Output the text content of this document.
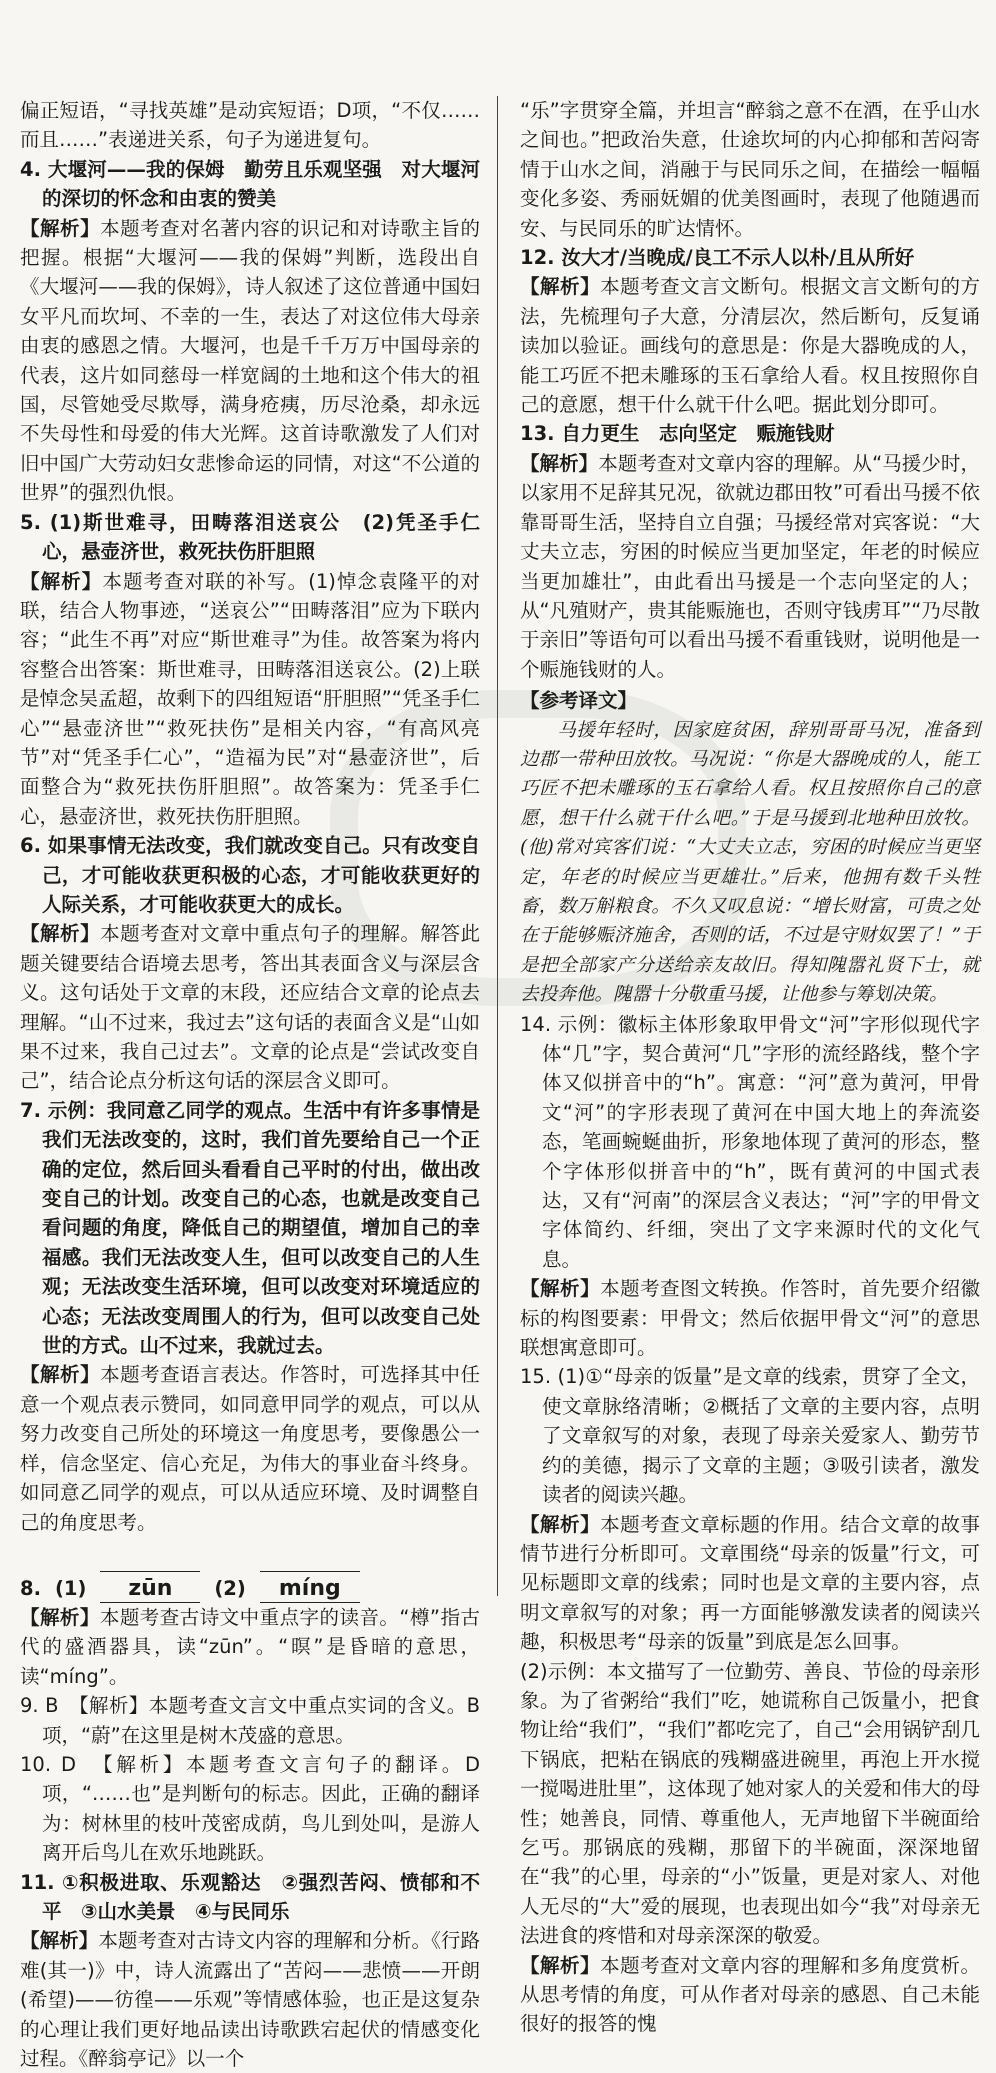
偏正短语，“寻找英雄”是动宾短语；D项，“不仅……而且……”表递进关系，句子为递进复句。

4. 大堰河——我的保姆　勤劳且乐观坚强　对大堰河的深切的怀念和由衷的赞美

【解析】本题考查对名著内容的识记和对诗歌主旨的把握。根据“大堰河——我的保姆”判断，选段出自《大堰河——我的保姆》，诗人叙述了这位普通中国妇女平凡而坎坷、不幸的一生，表达了对这位伟大母亲由衷的感恩之情。大堰河，也是千千万万中国母亲的代表，这片如同慈母一样宽阔的土地和这个伟大的祖国，尽管她受尽欺辱，满身疮痍，历尽沧桑，却永远不失母性和母爱的伟大光辉。这首诗歌激发了人们对旧中国广大劳动妇女悲惨命运的同情，对这“不公道的世界”的强烈仇恨。

5. (1)斯世难寻，田畴落泪送哀公　(2)凭圣手仁心，悬壶济世，救死扶伤肝胆照

【解析】本题考查对联的补写。(1)悼念袁隆平的对联，结合人物事迹，“送哀公”“田畴落泪”应为下联内容；“此生不再”对应“斯世难寻”为佳。故答案为将内容整合出答案：斯世难寻，田畴落泪送哀公。(2)上联是悼念吴孟超，故剩下的四组短语“肝胆照”“凭圣手仁心”“悬壶济世”“救死扶伤”是相关内容，“有高风亮节”对“凭圣手仁心”，“造福为民”对“悬壶济世”，后面整合为“救死扶伤肝胆照”。故答案为：凭圣手仁心，悬壶济世，救死扶伤肝胆照。

6. 如果事情无法改变，我们就改变自己。只有改变自己，才可能收获更积极的心态，才可能收获更好的人际关系，才可能收获更大的成长。

【解析】本题考查对文章中重点句子的理解。解答此题关键要结合语境去思考，答出其表面含义与深层含义。这句话处于文章的末段，还应结合文章的论点去理解。“山不过来，我过去”这句话的表面含义是“山如果不过来，我自己过去”。文章的论点是“尝试改变自己”，结合论点分析这句话的深层含义即可。

7. 示例：我同意乙同学的观点。生活中有许多事情是我们无法改变的，这时，我们首先要给自己一个正确的定位，然后回头看看自己平时的付出，做出改变自己的计划。改变自己的心态，也就是改变自己看问题的角度，降低自己的期望值，增加自己的幸福感。我们无法改变人生，但可以改变自己的人生观；无法改变生活环境，但可以改变对环境适应的心态；无法改变周围人的行为，但可以改变自己处世的方式。山不过来，我就过去。

【解析】本题考查语言表达。作答时，可选择其中任意一个观点表示赞同，如同意甲同学的观点，可以从努力改变自己所处的环境这一角度思考，要像愚公一样，信念坚定、信心充足，为伟大的事业奋斗终身。如同意乙同学的观点，可以从适应环境、及时调整自己的角度思考。

8. (1)	zūn	(2)	míng

【解析】本题考查古诗文中重点字的读音。“樽”指古代的盛酒器具，读“zūn”。“暝”是昏暗的意思，读“míng”。

9. B　【解析】本题考查文言文中重点实词的含义。B项，“蔚”在这里是树木茂盛的意思。

10. D　【解析】本题考查文言句子的翻译。D项，“……也”是判断句的标志。因此，正确的翻译为：树林里的枝叶茂密成荫，鸟儿到处叫，是游人离开后鸟儿在欢乐地跳跃。

11. ①积极进取、乐观豁达　②强烈苦闷、愤郁和不平　③山水美景　④与民同乐

【解析】本题考查对古诗文内容的理解和分析。《行路难(其一)》中，诗人流露出了“苦闷——悲愤——开朗(希望)——彷徨——乐观”等情感体验，也正是这复杂的心理让我们更好地品读出诗歌跌宕起伏的情感变化过程。《醉翁亭记》以一个

“乐”字贯穿全篇，并坦言“醉翁之意不在酒，在乎山水之间也。”把政治失意，仕途坎坷的内心抑郁和苦闷寄情于山水之间，消融于与民同乐之间，在描绘一幅幅变化多姿、秀丽妩媚的优美图画时，表现了他随遇而安、与民同乐的旷达情怀。

12. 汝大才/当晚成/良工不示人以朴/且从所好

【解析】本题考查文言文断句。根据文言文断句的方法，先梳理句子大意，分清层次，然后断句，反复诵读加以验证。画线句的意思是：你是大器晚成的人，能工巧匠不把未雕琢的玉石拿给人看。权且按照你自己的意愿，想干什么就干什么吧。据此划分即可。

13. 自力更生　志向坚定　赈施钱财

【解析】本题考查对文章内容的理解。从“马援少时，以家用不足辞其兄况，欲就边郡田牧”可看出马援不依靠哥哥生活，坚持自立自强；马援经常对宾客说：“大丈夫立志，穷困的时候应当更加坚定，年老的时候应当更加雄壮”，由此看出马援是一个志向坚定的人；从“凡殖财产，贵其能赈施也，否则守钱虏耳”“乃尽散于亲旧”等语句可以看出马援不看重钱财，说明他是一个赈施钱财的人。

【参考译文】

马援年轻时，因家庭贫困，辞别哥哥马况，准备到边郡一带种田放牧。马况说：“你是大器晚成的人，能工巧匠不把未雕琢的玉石拿给人看。权且按照你自己的意愿，想干什么就干什么吧。”于是马援到北地种田放牧。(他)常对宾客们说：“大丈夫立志，穷困的时候应当更坚定，年老的时候应当更雄壮。”后来，他拥有数千头牲畜，数万斛粮食。不久又叹息说：“增长财富，可贵之处在于能够赈济施舍，否则的话，不过是守财奴罢了！”于是把全部家产分送给亲友故旧。得知隗嚣礼贤下士，就去投奔他。隗嚣十分敬重马援，让他参与筹划决策。

14. 示例：徽标主体形象取甲骨文“河”字形似现代字体“几”字，契合黄河“几”字形的流经路线，整个字体又似拼音中的“h”。寓意：“河”意为黄河，甲骨文“河”的字形表现了黄河在中国大地上的奔流姿态，笔画蜿蜒曲折，形象地体现了黄河的形态，整个字体形似拼音中的“h”，既有黄河的中国式表达，又有“河南”的深层含义表达；“河”字的甲骨文字体简约、纤细，突出了文字来源时代的文化气息。

【解析】本题考查图文转换。作答时，首先要介绍徽标的构图要素：甲骨文；然后依据甲骨文“河”的意思联想寓意即可。

15. (1)①“母亲的饭量”是文章的线索，贯穿了全文，使文章脉络清晰；②概括了文章的主要内容，点明了文章叙写的对象，表现了母亲关爱家人、勤劳节约的美德，揭示了文章的主题；③吸引读者，激发读者的阅读兴趣。

【解析】本题考查文章标题的作用。结合文章的故事情节进行分析即可。文章围绕“母亲的饭量”行文，可见标题即文章的线索；同时也是文章的主要内容，点明文章叙写的对象；再一方面能够激发读者的阅读兴趣，积极思考“母亲的饭量”到底是怎么回事。

(2)示例：本文描写了一位勤劳、善良、节俭的母亲形象。为了省粥给“我们”吃，她谎称自己饭量小，把食物让给“我们”，“我们”都吃完了，自己“会用锅铲刮几下锅底，把粘在锅底的残糊盛进碗里，再泡上开水搅一搅喝进肚里”，这体现了她对家人的关爱和伟大的母性；她善良，同情、尊重他人，无声地留下半碗面给乞丐。那锅底的残糊，那留下的半碗面，深深地留在“我”的心里，母亲的“小”饭量，更是对家人、对他人无尽的“大”爱的展现，也表现出如今“我”对母亲无法进食的疼惜和对母亲深深的敬爱。

【解析】本题考查对文章内容的理解和多角度赏析。从思考情的角度，可从作者对母亲的感恩、自己未能很好的报答的愧
